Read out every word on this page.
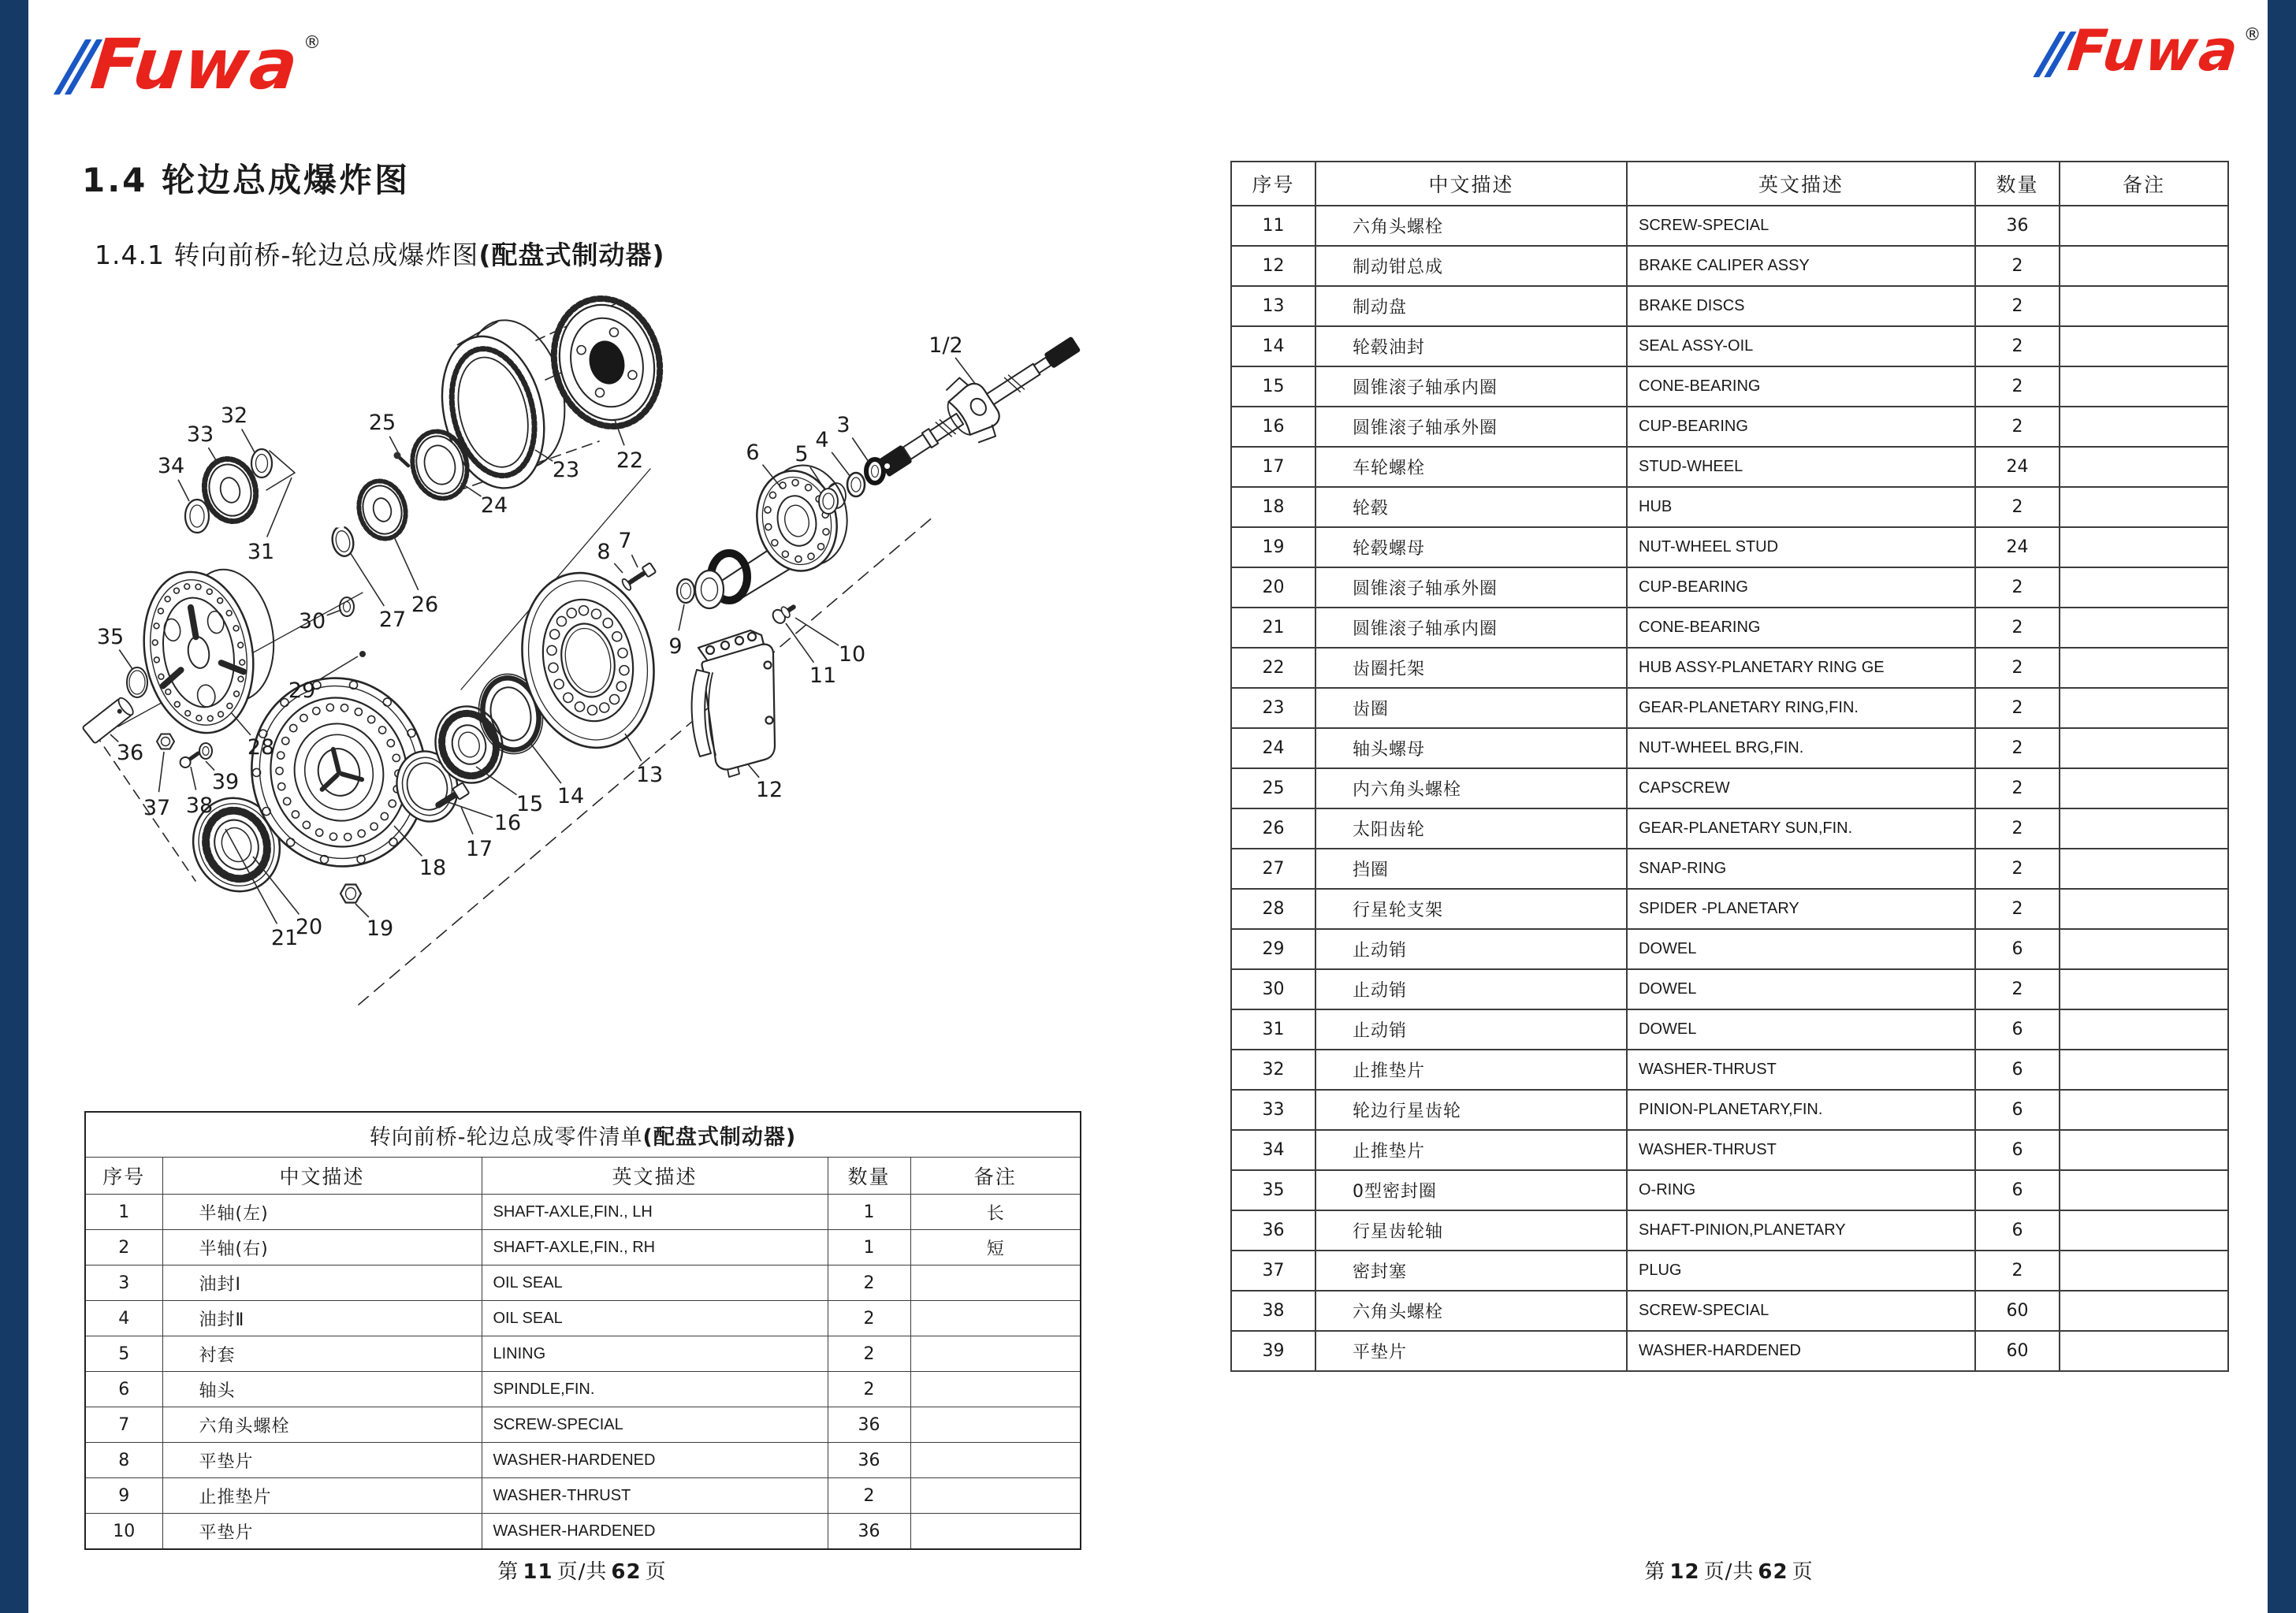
Fuwa ®	Fuwa ®
1.4 轮边总成爆炸图
1.4.1 转向前桥-轮边总成爆炸图(配盘式制动器)
1/2
3
4
5
6
7
8
9	10
11
12
13
14
15
16
17
18
19
20
21
22
23
24
25
26
27
28
29
30
31
32
33
34
35
36
37 38
39
转向前桥-轮边总成零件清单(配盘式制动器)				
序号	中文描述	英文描述	数量	备注
1	半轴(左)	SHAFT-AXLE,FIN., LH	1	长
2	半轴(右)	SHAFT-AXLE,FIN., RH	1	短
3	油封Ⅰ	OIL SEAL	2	
4	油封Ⅱ	OIL SEAL	2	
5	衬套	LINING	2	
6	轴头	SPINDLE,FIN.	2	
7	六角头螺栓	SCREW-SPECIAL	36	
8	平垫片	WASHER-HARDENED	36	
9	止推垫片	WASHER-THRUST	2	
10	平垫片	WASHER-HARDENED	36	
序号	中文描述	英文描述	数量	备注
11	六角头螺栓	SCREW-SPECIAL	36	
12	制动钳总成	BRAKE CALIPER ASSY	2	
13	制动盘	BRAKE DISCS	2	
14	轮毂油封	SEAL ASSY-OIL	2	
15	圆锥滚子轴承内圈	CONE-BEARING	2	
16	圆锥滚子轴承外圈	CUP-BEARING	2	
17	车轮螺栓	STUD-WHEEL	24	
18	轮毂	HUB	2	
19	轮毂螺母	NUT-WHEEL STUD	24	
20	圆锥滚子轴承外圈	CUP-BEARING	2	
21	圆锥滚子轴承内圈	CONE-BEARING	2	
22	齿圈托架	HUB ASSY-PLANETARY RING GE	2	
23	齿圈	GEAR-PLANETARY RING,FIN.	2	
24	轴头螺母	NUT-WHEEL BRG,FIN.	2	
25	内六角头螺栓	CAPSCREW	2	
26	太阳齿轮	GEAR-PLANETARY SUN,FIN.	2	
27	挡圈	SNAP-RING	2	
28	行星轮支架	SPIDER -PLANETARY	2	
29	止动销	DOWEL	6	
30	止动销	DOWEL	2	
31	止动销	DOWEL	6	
32	止推垫片	WASHER-THRUST	6	
33	轮边行星齿轮	PINION-PLANETARY,FIN.	6	
34	止推垫片	WASHER-THRUST	6	
35	0型密封圈	O-RING	6	
36	行星齿轮轴	SHAFT-PINION,PLANETARY	6	
37	密封塞	PLUG	2	
38	六角头螺栓	SCREW-SPECIAL	60	
39	平垫片	WASHER-HARDENED	60	
第 11 页/共 62 页	第 12 页/共 62 页
